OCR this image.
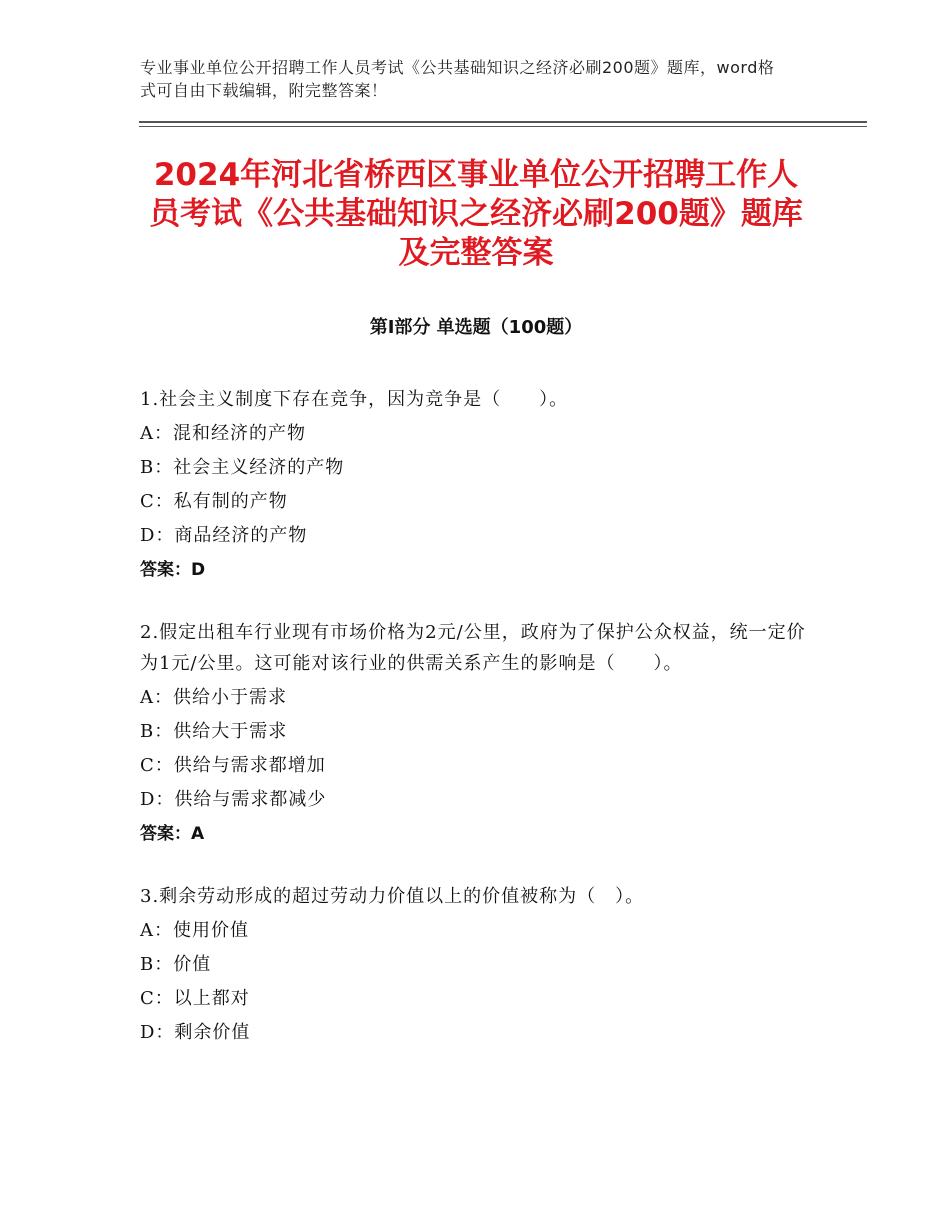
专业事业单位公开招聘工作人员考试《公共基础知识之经济必刷200题》题库，word格式可自由下载编辑，附完整答案！
2024年河北省桥西区事业单位公开招聘工作人员考试《公共基础知识之经济必刷200题》题库及完整答案
第Ⅰ部分 单选题（100题）
1.社会主义制度下存在竞争，因为竞争是（　　）。
A：混和经济的产物
B：社会主义经济的产物
C：私有制的产物
D：商品经济的产物
答案：D
2.假定出租车行业现有市场价格为2元/公里，政府为了保护公众权益，统一定价为1元/公里。这可能对该行业的供需关系产生的影响是（　　）。
A：供给小于需求
B：供给大于需求
C：供给与需求都增加
D：供给与需求都减少
答案：A
3.剩余劳动形成的超过劳动力价值以上的价值被称为（　）。
A：使用价值
B：价值
C：以上都对
D：剩余价值
